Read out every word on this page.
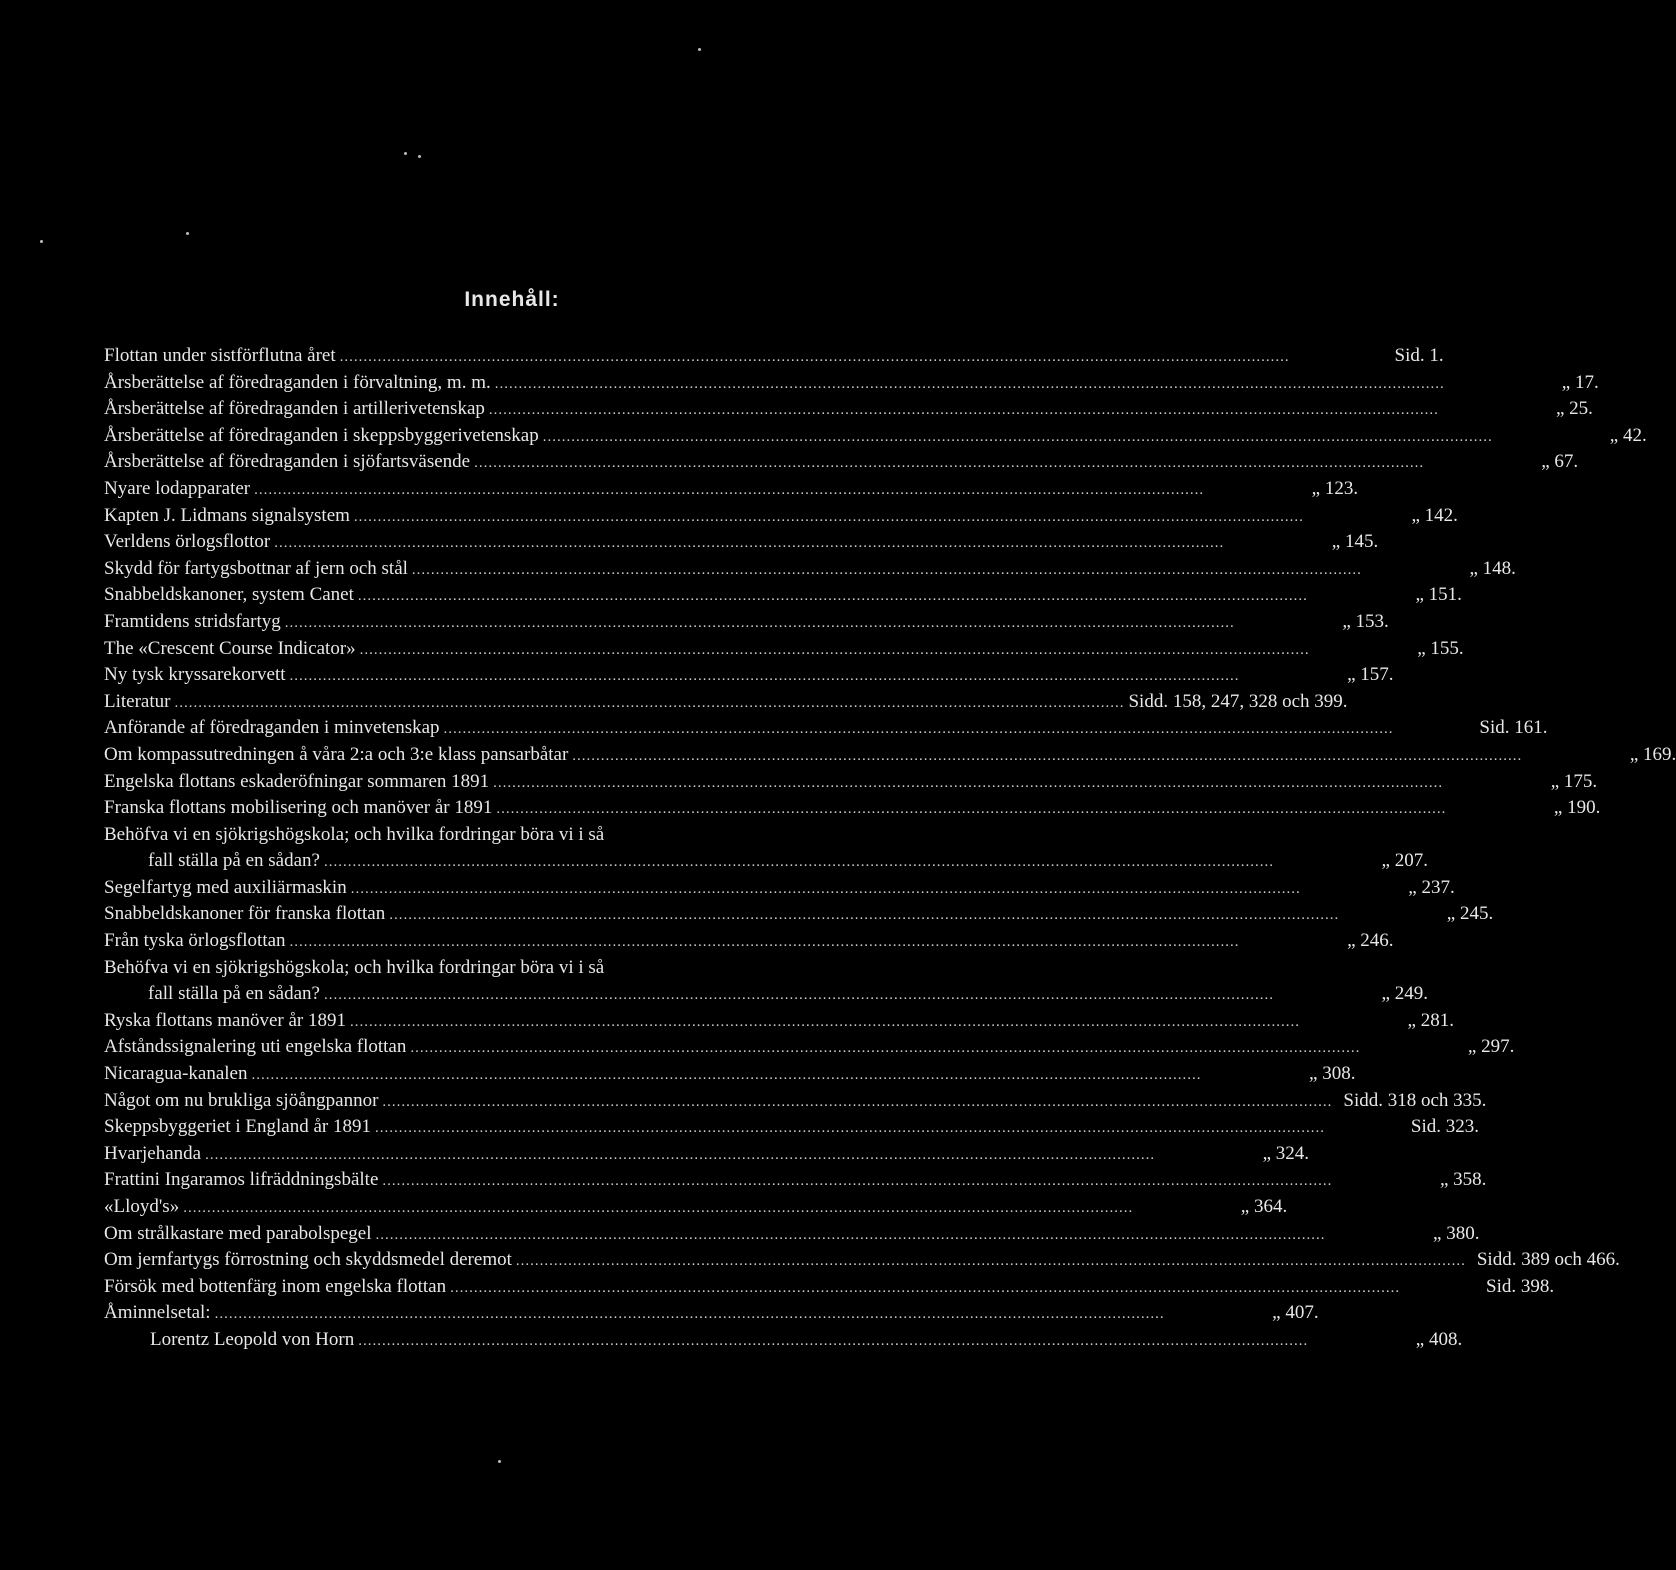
Innehåll:
Flottan under sistförflutna året ........................................................................................................................................................................................................	Sid. 1.
Årsberättelse af föredraganden i förvaltning, m. m. ........................................................................................................................................................................................................	„ 17.
Årsberättelse af föredraganden i artillerivetenskap ........................................................................................................................................................................................................	„ 25.
Årsberättelse af föredraganden i skeppsbyggerivetenskap ........................................................................................................................................................................................................	„ 42.
Årsberättelse af föredraganden i sjöfartsväsende ........................................................................................................................................................................................................	„ 67.
Nyare lodapparater ........................................................................................................................................................................................................	„ 123.
Kapten J. Lidmans signalsystem ........................................................................................................................................................................................................	„ 142.
Verldens örlogsflottor ........................................................................................................................................................................................................	„ 145.
Skydd för fartygsbottnar af jern och stål ........................................................................................................................................................................................................	„ 148.
Snabbeldskanoner, system Canet ........................................................................................................................................................................................................	„ 151.
Framtidens stridsfartyg ........................................................................................................................................................................................................	„ 153.
The «Crescent Course Indicator» ........................................................................................................................................................................................................	„ 155.
Ny tysk kryssarekorvett ........................................................................................................................................................................................................	„ 157.
Literatur ........................................................................................................................................................................................................ Sidd. 158, 247, 328 och 399.
Anförande af föredraganden i minvetenskap ........................................................................................................................................................................................................	Sid. 161.
Om kompassutredningen å våra 2:a och 3:e klass pansarbåtar ........................................................................................................................................................................................................	„ 169.
Engelska flottans eskaderöfningar sommaren 1891 ........................................................................................................................................................................................................	„ 175.
Franska flottans mobilisering och manöver år 1891 ........................................................................................................................................................................................................	„ 190.
Behöfva vi en sjökrigshögskola; och hvilka fordringar böra vi i så
fall ställa på en sådan? ........................................................................................................................................................................................................	„ 207.
Segelfartyg med auxiliärmaskin ........................................................................................................................................................................................................	„ 237.
Snabbeldskanoner för franska flottan ........................................................................................................................................................................................................	„ 245.
Från tyska örlogsflottan ........................................................................................................................................................................................................	„ 246.
Behöfva vi en sjökrigshögskola; och hvilka fordringar böra vi i så
fall ställa på en sådan? ........................................................................................................................................................................................................	„ 249.
Ryska flottans manöver år 1891 ........................................................................................................................................................................................................	„ 281.
Afståndssignalering uti engelska flottan ........................................................................................................................................................................................................	„ 297.
Nicaragua-kanalen ........................................................................................................................................................................................................	„ 308.
Något om nu brukliga sjöångpannor ........................................................................................................................................................................................................ Sidd. 318 och 335.
Skeppsbyggeriet i England år 1891 ........................................................................................................................................................................................................	Sid. 323.
Hvarjehanda ........................................................................................................................................................................................................	„ 324.
Frattini Ingaramos lifräddningsbälte ........................................................................................................................................................................................................	„ 358.
«Lloyd's» ........................................................................................................................................................................................................	„ 364.
Om strålkastare med parabolspegel ........................................................................................................................................................................................................	„ 380.
Om jernfartygs förrostning och skyddsmedel deremot ........................................................................................................................................................................................................ Sidd. 389 och 466.
Försök med bottenfärg inom engelska flottan ........................................................................................................................................................................................................	Sid. 398.
Åminnelsetal: ........................................................................................................................................................................................................	„ 407.
Lorentz Leopold von Horn ........................................................................................................................................................................................................	„ 408.
